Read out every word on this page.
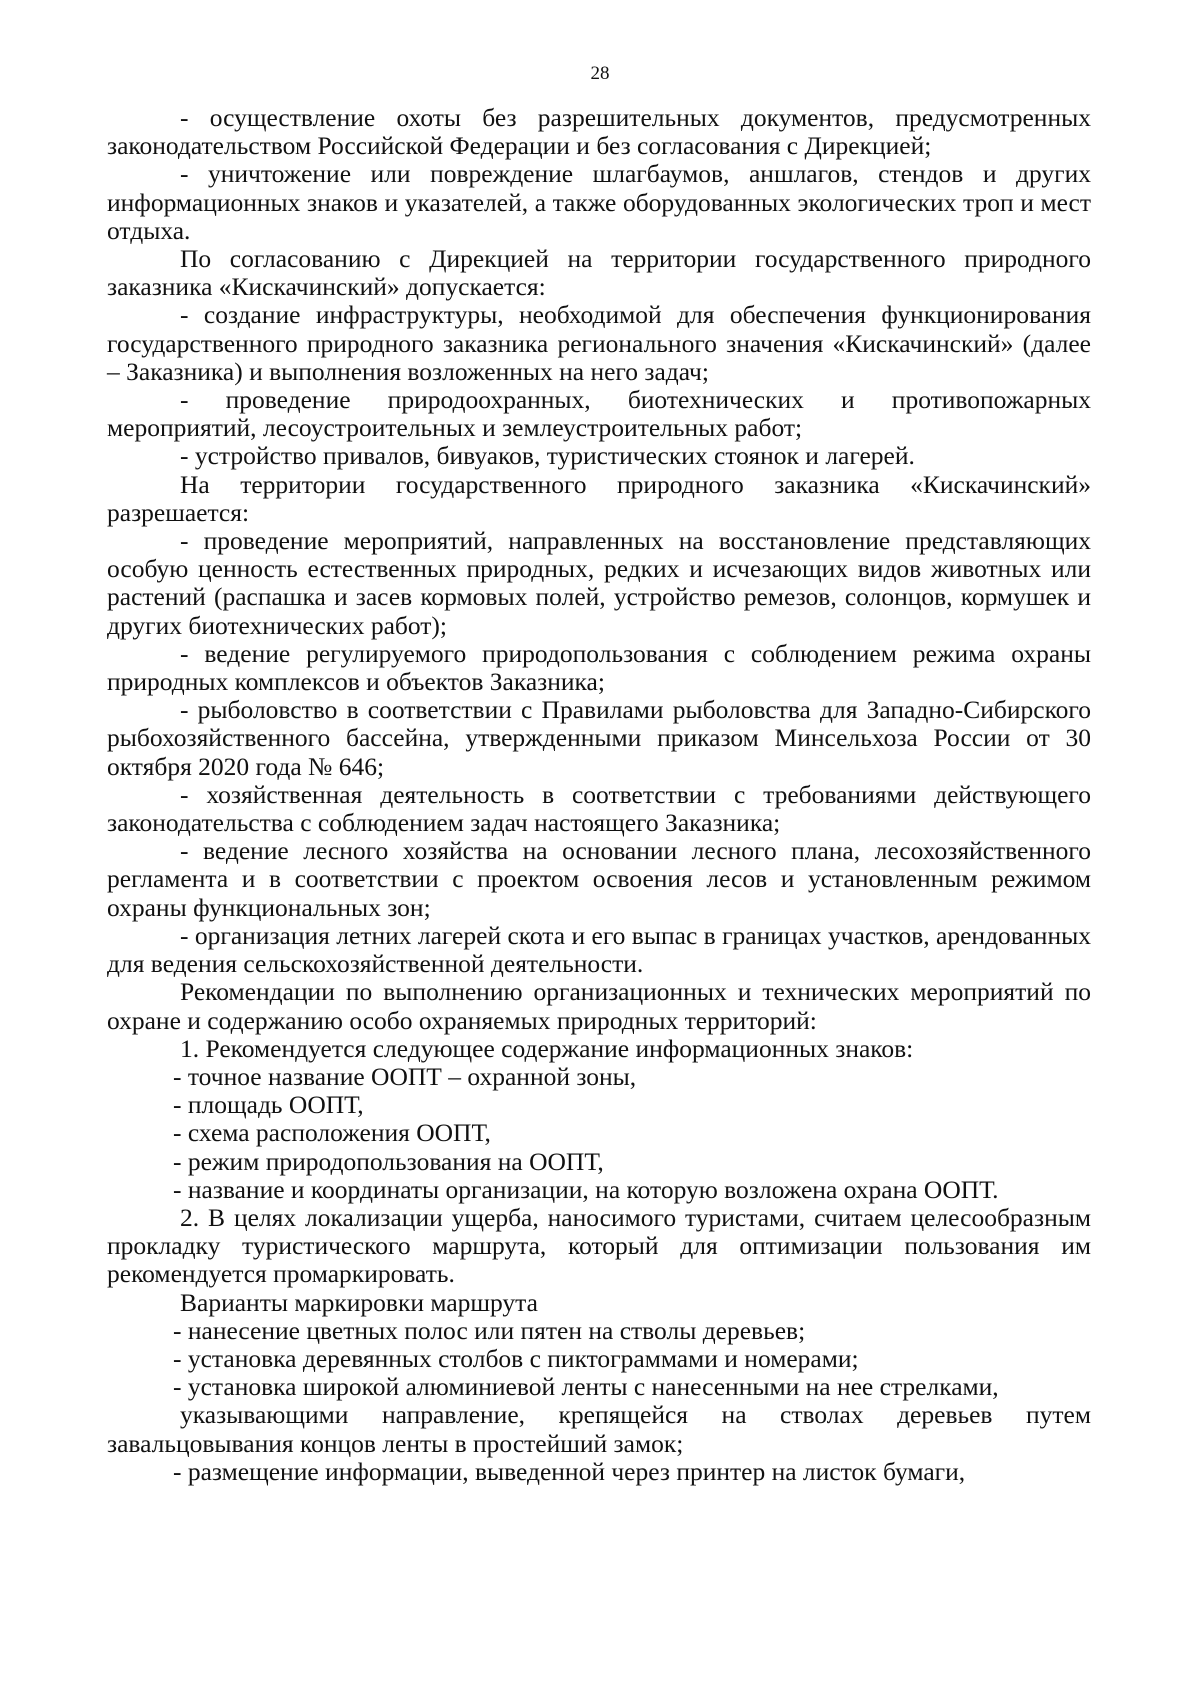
28

- осуществление охоты без разрешительных документов, предусмотренных законодательством Российской Федерации и без согласования с Дирекцией;

- уничтожение или повреждение шлагбаумов, аншлагов, стендов и других информационных знаков и указателей, а также оборудованных экологических троп и мест отдыха.

По согласованию с Дирекцией на территории государственного природного заказника «Кискачинский» допускается:

- создание инфраструктуры, необходимой для обеспечения функционирования государственного природного заказника регионального значения «Кискачинский» (далее – Заказника) и выполнения возложенных на него задач;

- проведение природоохранных, биотехнических и противопожарных мероприятий, лесоустроительных и землеустроительных работ;

- устройство привалов, бивуаков, туристических стоянок и лагерей.

На территории государственного природного заказника «Кискачинский» разрешается:

- проведение мероприятий, направленных на восстановление представляющих особую ценность естественных природных, редких и исчезающих видов животных или растений (распашка и засев кормовых полей, устройство ремезов, солонцов, кормушек и других биотехнических работ);

- ведение регулируемого природопользования с соблюдением режима охраны природных комплексов и объектов Заказника;

- рыболовство в соответствии с Правилами рыболовства для Западно-Сибирского рыбохозяйственного бассейна, утвержденными приказом Минсельхоза России от 30 октября 2020 года № 646;

- хозяйственная деятельность в соответствии с требованиями действующего законодательства с соблюдением задач настоящего Заказника;

- ведение лесного хозяйства на основании лесного плана, лесохозяйственного регламента и в соответствии с проектом освоения лесов и установленным режимом охраны функциональных зон;

- организация летних лагерей скота и его выпас в границах участков, арендованных для ведения сельскохозяйственной деятельности.

Рекомендации по выполнению организационных и технических мероприятий по охране и содержанию особо охраняемых природных территорий:

1. Рекомендуется следующее содержание информационных знаков:

- точное название ООПТ – охранной зоны,

- площадь ООПТ,

- схема расположения ООПТ,

- режим природопользования на ООПТ,

- название и координаты организации, на которую возложена охрана ООПТ.

2. В целях локализации ущерба, наносимого туристами, считаем целесообразным прокладку туристического маршрута, который для оптимизации пользования им рекомендуется промаркировать.

Варианты маркировки маршрута

- нанесение цветных полос или пятен на стволы деревьев;

- установка деревянных столбов с пиктограммами и номерами;

- установка широкой алюминиевой ленты с нанесенными на нее стрелками,

указывающими направление, крепящейся на стволах деревьев путем завальцовывания концов ленты в простейший замок;

- размещение информации, выведенной через принтер на листок бумаги,
